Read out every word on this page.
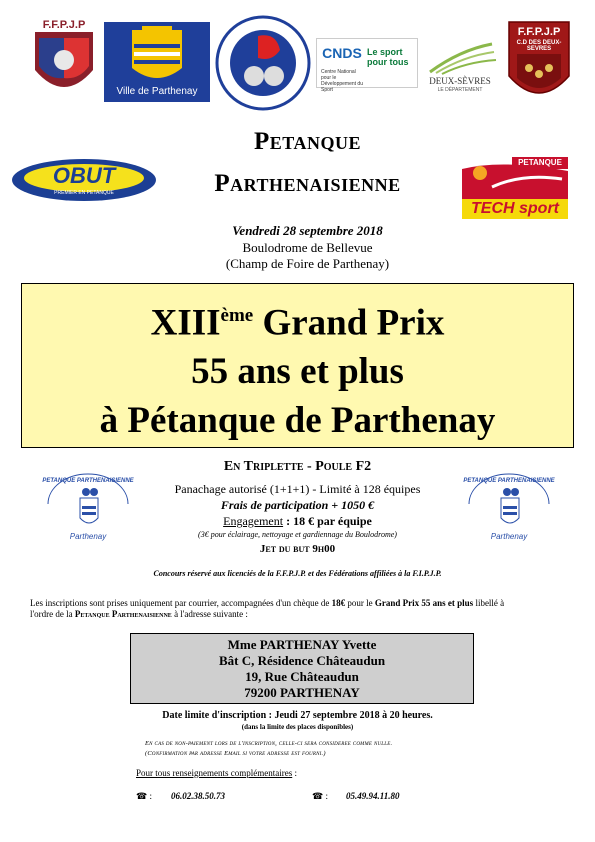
F.F.P.J.P
Ville de Parthenay
CNDS Le sport pour tous
Centre National pour le Développement du Sport
DEUX-SÈVRES
LE DÉPARTEMENT
F.F.P.J.P
C.D DES DEUX-SEVRES
OBUT
PREMIER EN PETANQUE
Petanque
Parthenaisienne
PETANQUE
TECH sport
Vendredi 28 septembre 2018
Boulodrome de Bellevue
(Champ de Foire de Parthenay)
XIIIème Grand Prix
55 ans et plus
à Pétanque de Parthenay
PETANQUE PARTHENAISIENNE
Parthenay
PETANQUE PARTHENAISIENNE
Parthenay
En Triplette - Poule F2
Panachage autorisé (1+1+1) - Limité à 128 équipes
Frais de participation + 1050 €
Engagement : 18 € par équipe
(3€ pour éclairage, nettoyage et gardiennage du Boulodrome)
Jet du but 9h00
Concours réservé aux licenciés de la F.F.P.J.P. et des Fédérations affiliées à la F.I.P.J.P.
Les inscriptions sont prises uniquement par courrier, accompagnées d'un chèque de 18€ pour le Grand Prix 55 ans et plus libellé à
l'ordre de la Petanque Parthenaisienne à l'adresse suivante :
Mme PARTHENAY Yvette
Bât C, Résidence Châteaudun
19, Rue Châteaudun
79200 PARTHENAY
Date limite d'inscription : Jeudi 27 septembre 2018 à 20 heures.
(dans la limite des places disponibles)
En cas de non-paiement lors de l'inscription, celle-ci sera consideree comme nulle.
(Confirmation par adresse Email si votre adresse est fourni.)
Pour tous renseignements complémentaires :
☎ : 06.02.38.50.73	☎ : 05.49.94.11.80
